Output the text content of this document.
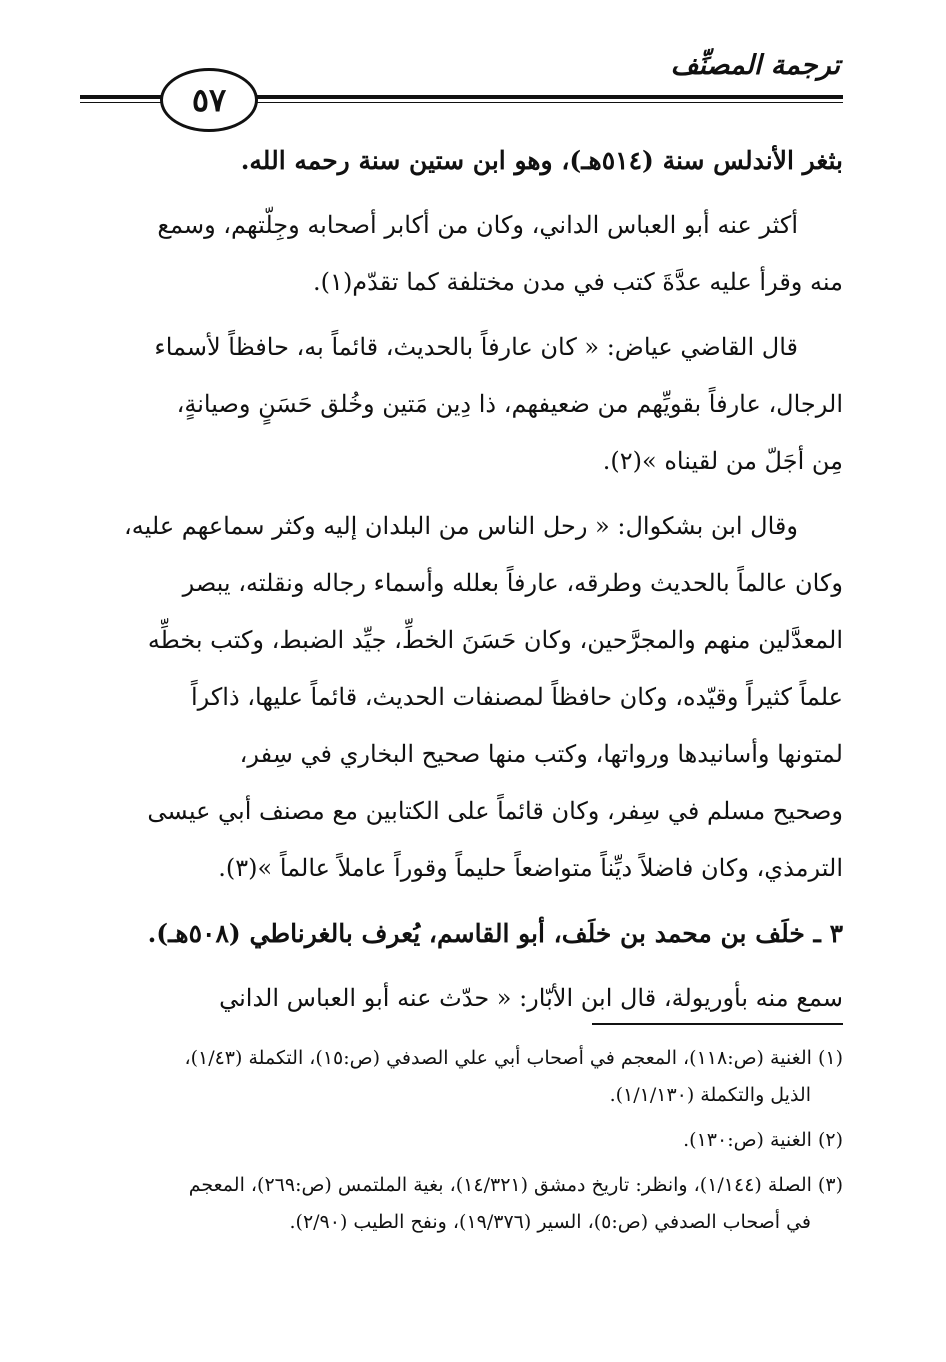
ترجمة المصنِّف
٥٧

بثغر الأندلس سنة (٥١٤هـ)، وهو ابن ستين سنة رحمه الله.

أكثر عنه أبو العباس الداني، وكان من أكابر أصحابه وجِلّتهم، وسمع

منه وقرأ عليه عدَّةَ كتب في مدن مختلفة كما تقدّم(١).

قال القاضي عياض: « كان عارفاً بالحديث، قائماً به، حافظاً لأسماء

الرجال، عارفاً بقويِّهم من ضعيفهم، ذا دِين مَتين وخُلق حَسَنٍ وصيانةٍ،

مِن أجَلّ من لقيناه »(٢).

وقال ابن بشكوال: « رحل الناس من البلدان إليه وكثر سماعهم عليه،

وكان عالماً بالحديث وطرقه، عارفاً بعلله وأسماء رجاله ونقلته، يبصر

المعدَّلين منهم والمجرَّحين، وكان حَسَنَ الخطِّ، جيِّد الضبط، وكتب بخطِّه

علماً كثيراً وقيّده، وكان حافظاً لمصنفات الحديث، قائماً عليها، ذاكراً

لمتونها وأسانيدها ورواتها، وكتب منها صحيح البخاري في سِفر،

وصحيح مسلم في سِفر، وكان قائماً على الكتابين مع مصنف أبي عيسى

الترمذي، وكان فاضلاً ديِّناً متواضعاً حليماً وقوراً عاملاً عالماً »(٣).

٣ ـ خلَف بن محمد بن خلَف، أبو القاسم، يُعرف بالغرناطي (٥٠٨هـ).

سمع منه بأوريولة، قال ابن الأبّار: « حدّث عنه أبو العباس الداني

(١) الغنية (ص:١١٨)، المعجم في أصحاب أبي علي الصدفي (ص:١٥)، التكملة (١/٤٣)،
الذيل والتكملة (١/١/١٣٠).
(٢) الغنية (ص:١٣٠).
(٣) الصلة (١/١٤٤)، وانظر: تاريخ دمشق (١٤/٣٢١)، بغية الملتمس (ص:٢٦٩)، المعجم
في أصحاب الصدفي (ص:٥)، السير (١٩/٣٧٦)، ونفح الطيب (٢/٩٠).
